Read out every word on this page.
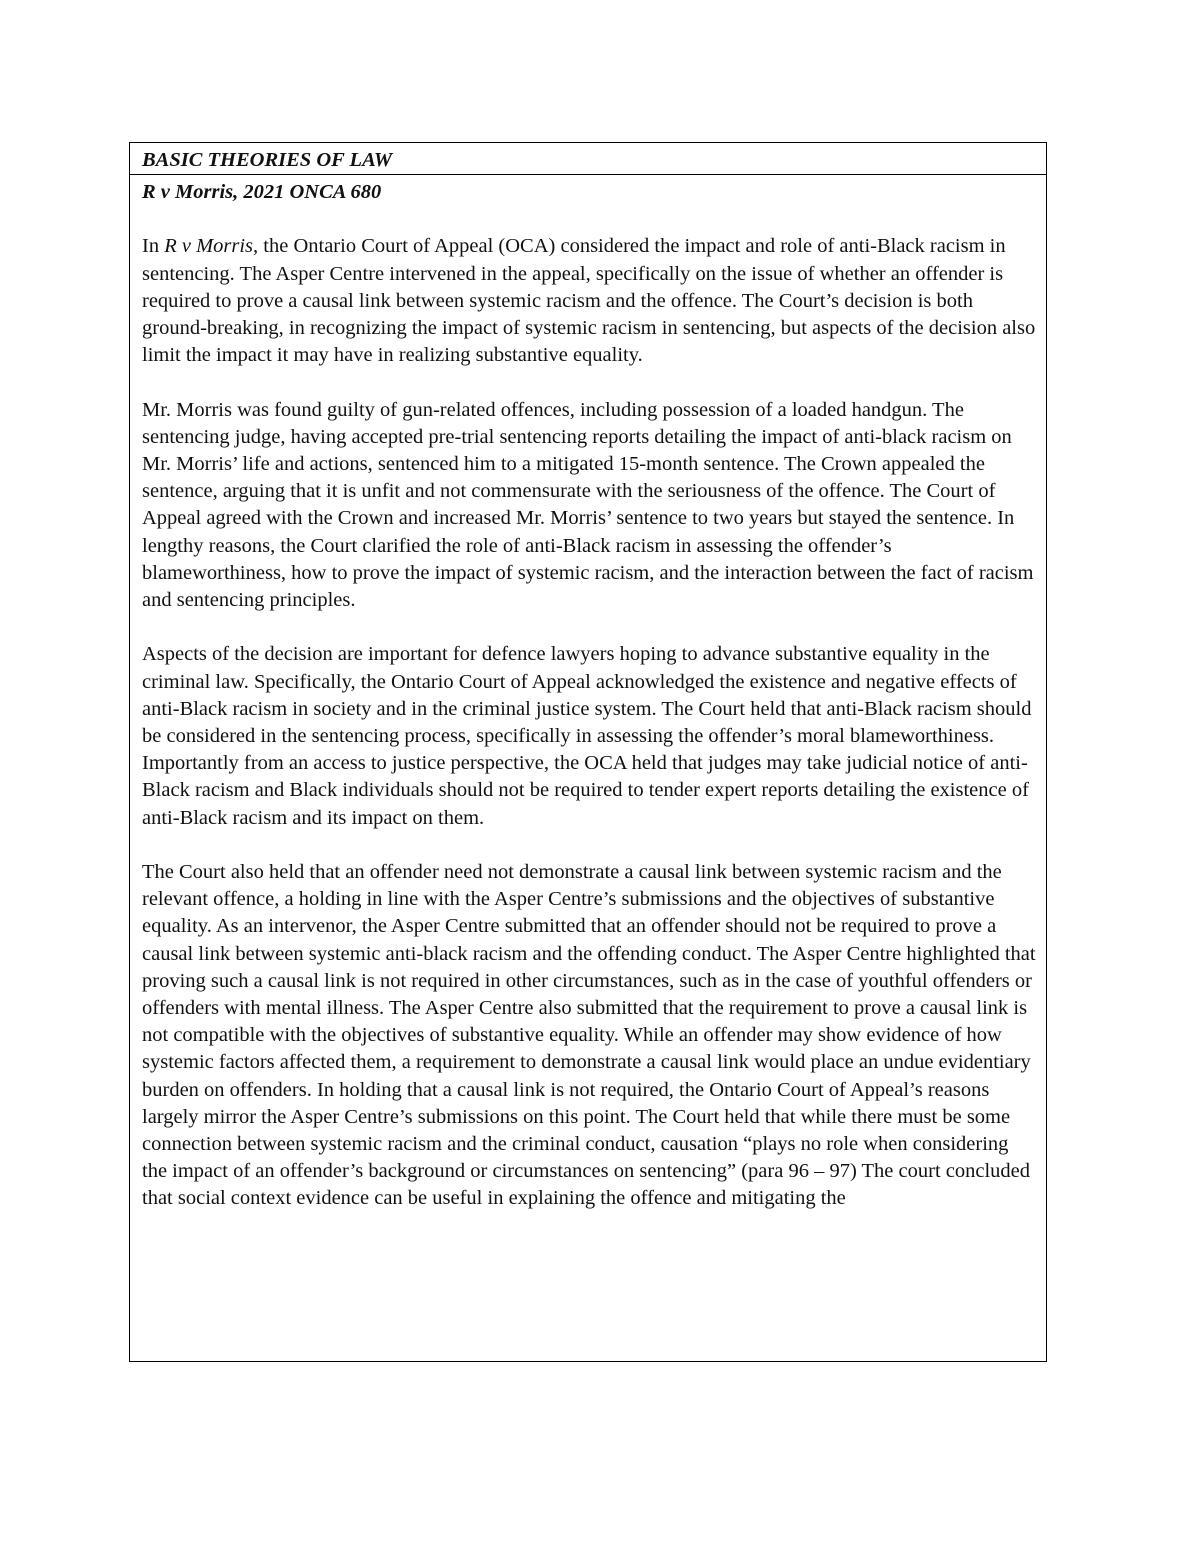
BASIC THEORIES OF LAW
R v Morris, 2021 ONCA 680
In R v Morris, the Ontario Court of Appeal (OCA) considered the impact and role of anti-Black racism in sentencing. The Asper Centre intervened in the appeal, specifically on the issue of whether an offender is required to prove a causal link between systemic racism and the offence. The Court’s decision is both ground-breaking, in recognizing the impact of systemic racism in sentencing, but aspects of the decision also limit the impact it may have in realizing substantive equality.
Mr. Morris was found guilty of gun-related offences, including possession of a loaded handgun. The sentencing judge, having accepted pre-trial sentencing reports detailing the impact of anti-black racism on Mr. Morris’ life and actions, sentenced him to a mitigated 15-month sentence. The Crown appealed the sentence, arguing that it is unfit and not commensurate with the seriousness of the offence. The Court of Appeal agreed with the Crown and increased Mr. Morris’ sentence to two years but stayed the sentence. In lengthy reasons, the Court clarified the role of anti-Black racism in assessing the offender’s blameworthiness, how to prove the impact of systemic racism, and the interaction between the fact of racism and sentencing principles.
Aspects of the decision are important for defence lawyers hoping to advance substantive equality in the criminal law. Specifically, the Ontario Court of Appeal acknowledged the existence and negative effects of anti-Black racism in society and in the criminal justice system. The Court held that anti-Black racism should be considered in the sentencing process, specifically in assessing the offender’s moral blameworthiness. Importantly from an access to justice perspective, the OCA held that judges may take judicial notice of anti-Black racism and Black individuals should not be required to tender expert reports detailing the existence of anti-Black racism and its impact on them.
The Court also held that an offender need not demonstrate a causal link between systemic racism and the relevant offence, a holding in line with the Asper Centre’s submissions and the objectives of substantive equality. As an intervenor, the Asper Centre submitted that an offender should not be required to prove a causal link between systemic anti-black racism and the offending conduct. The Asper Centre highlighted that proving such a causal link is not required in other circumstances, such as in the case of youthful offenders or offenders with mental illness. The Asper Centre also submitted that the requirement to prove a causal link is not compatible with the objectives of substantive equality. While an offender may show evidence of how systemic factors affected them, a requirement to demonstrate a causal link would place an undue evidentiary burden on offenders. In holding that a causal link is not required, the Ontario Court of Appeal’s reasons largely mirror the Asper Centre’s submissions on this point. The Court held that while there must be some connection between systemic racism and the criminal conduct, causation “plays no role when considering the impact of an offender’s background or circumstances on sentencing” (para 96 – 97) The court concluded that social context evidence can be useful in explaining the offence and mitigating the
